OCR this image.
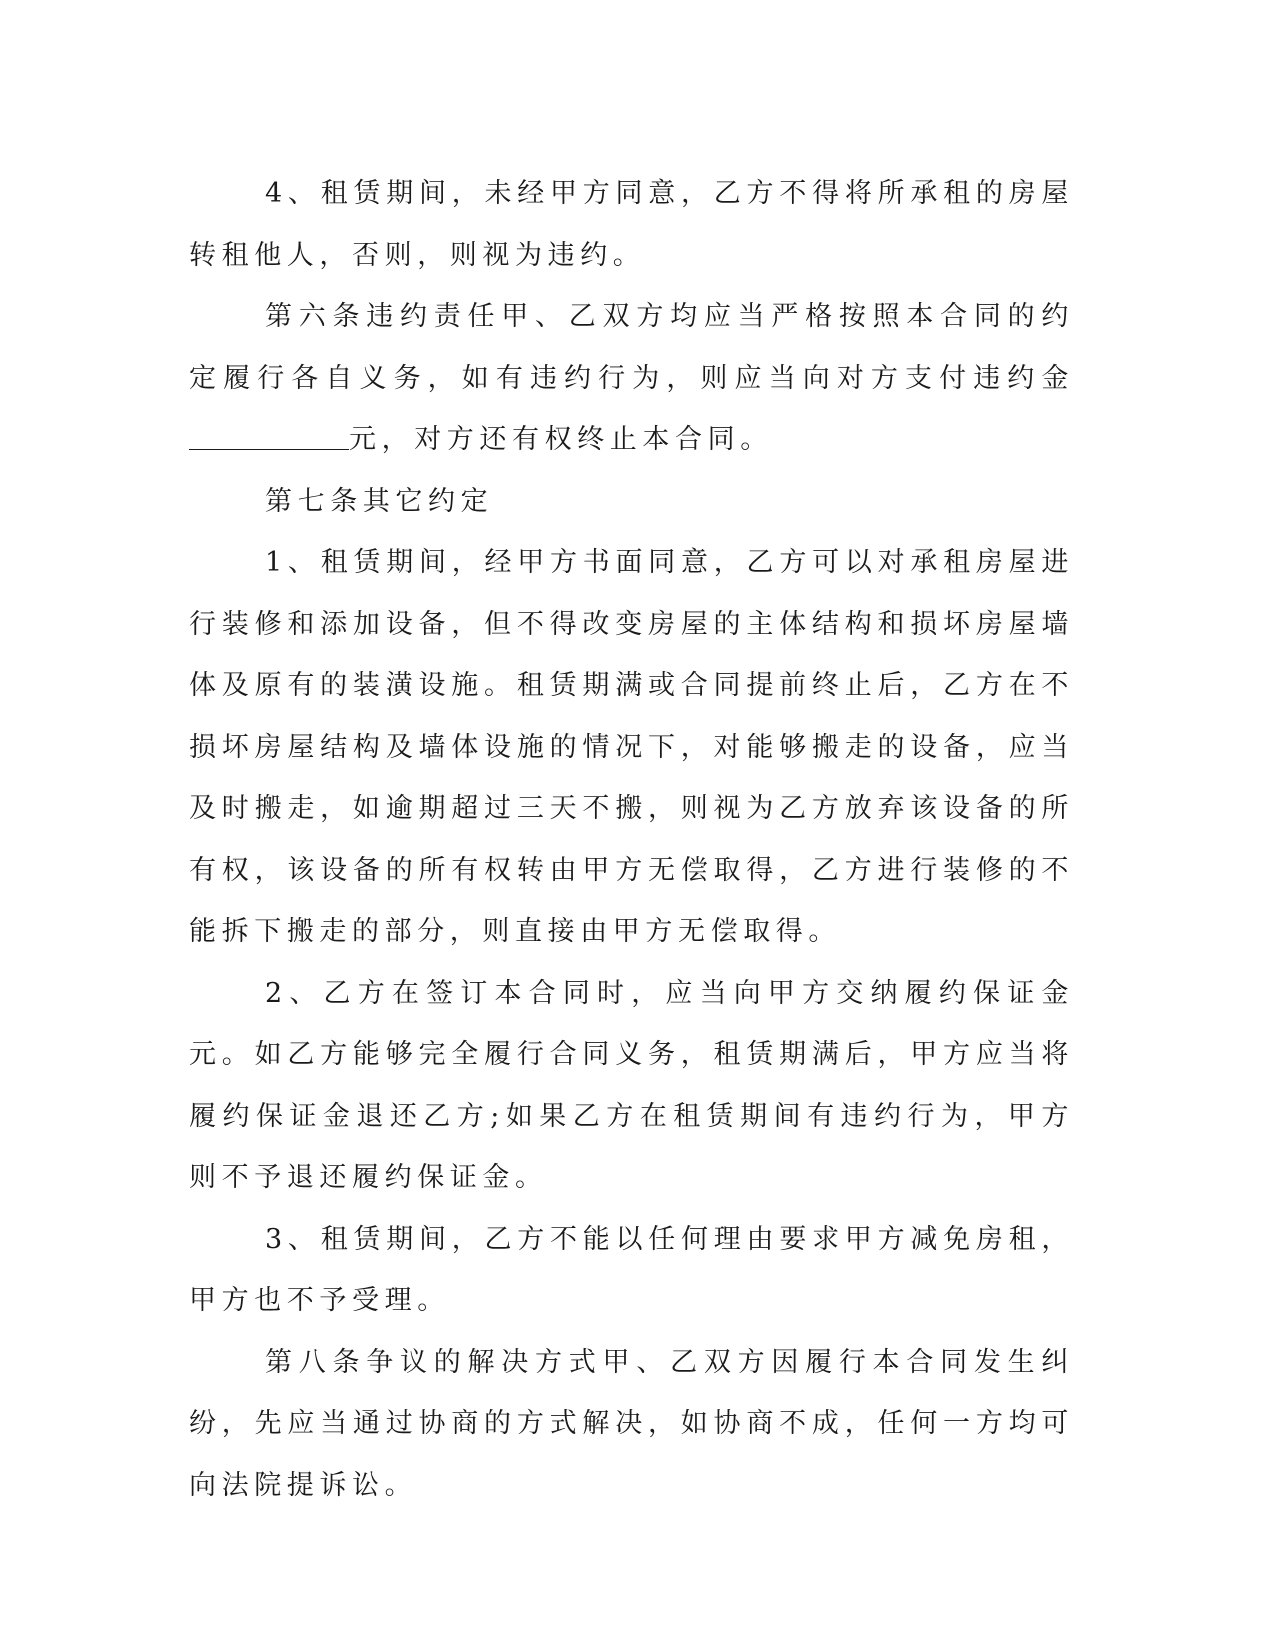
4、租赁期间，未经甲方同意，乙方不得将所承租的房屋转租他人，否则，则视为违约。

第六条违约责任甲、乙双方均应当严格按照本合同的约定履行各自义务，如有违约行为，则应当向对方支付违约金元，对方还有权终止本合同。

第七条其它约定

1、租赁期间，经甲方书面同意，乙方可以对承租房屋进行装修和添加设备，但不得改变房屋的主体结构和损坏房屋墙体及原有的装潢设施。租赁期满或合同提前终止后，乙方在不损坏房屋结构及墙体设施的情况下，对能够搬走的设备，应当及时搬走，如逾期超过三天不搬，则视为乙方放弃该设备的所有权，该设备的所有权转由甲方无偿取得，乙方进行装修的不能拆下搬走的部分，则直接由甲方无偿取得。

2、乙方在签订本合同时，应当向甲方交纳履约保证金元。如乙方能够完全履行合同义务，租赁期满后，甲方应当将履约保证金退还乙方;如果乙方在租赁期间有违约行为，甲方则不予退还履约保证金。

3、租赁期间，乙方不能以任何理由要求甲方减免房租，甲方也不予受理。

第八条争议的解决方式甲、乙双方因履行本合同发生纠纷，先应当通过协商的方式解决，如协商不成，任何一方均可向法院提诉讼。
